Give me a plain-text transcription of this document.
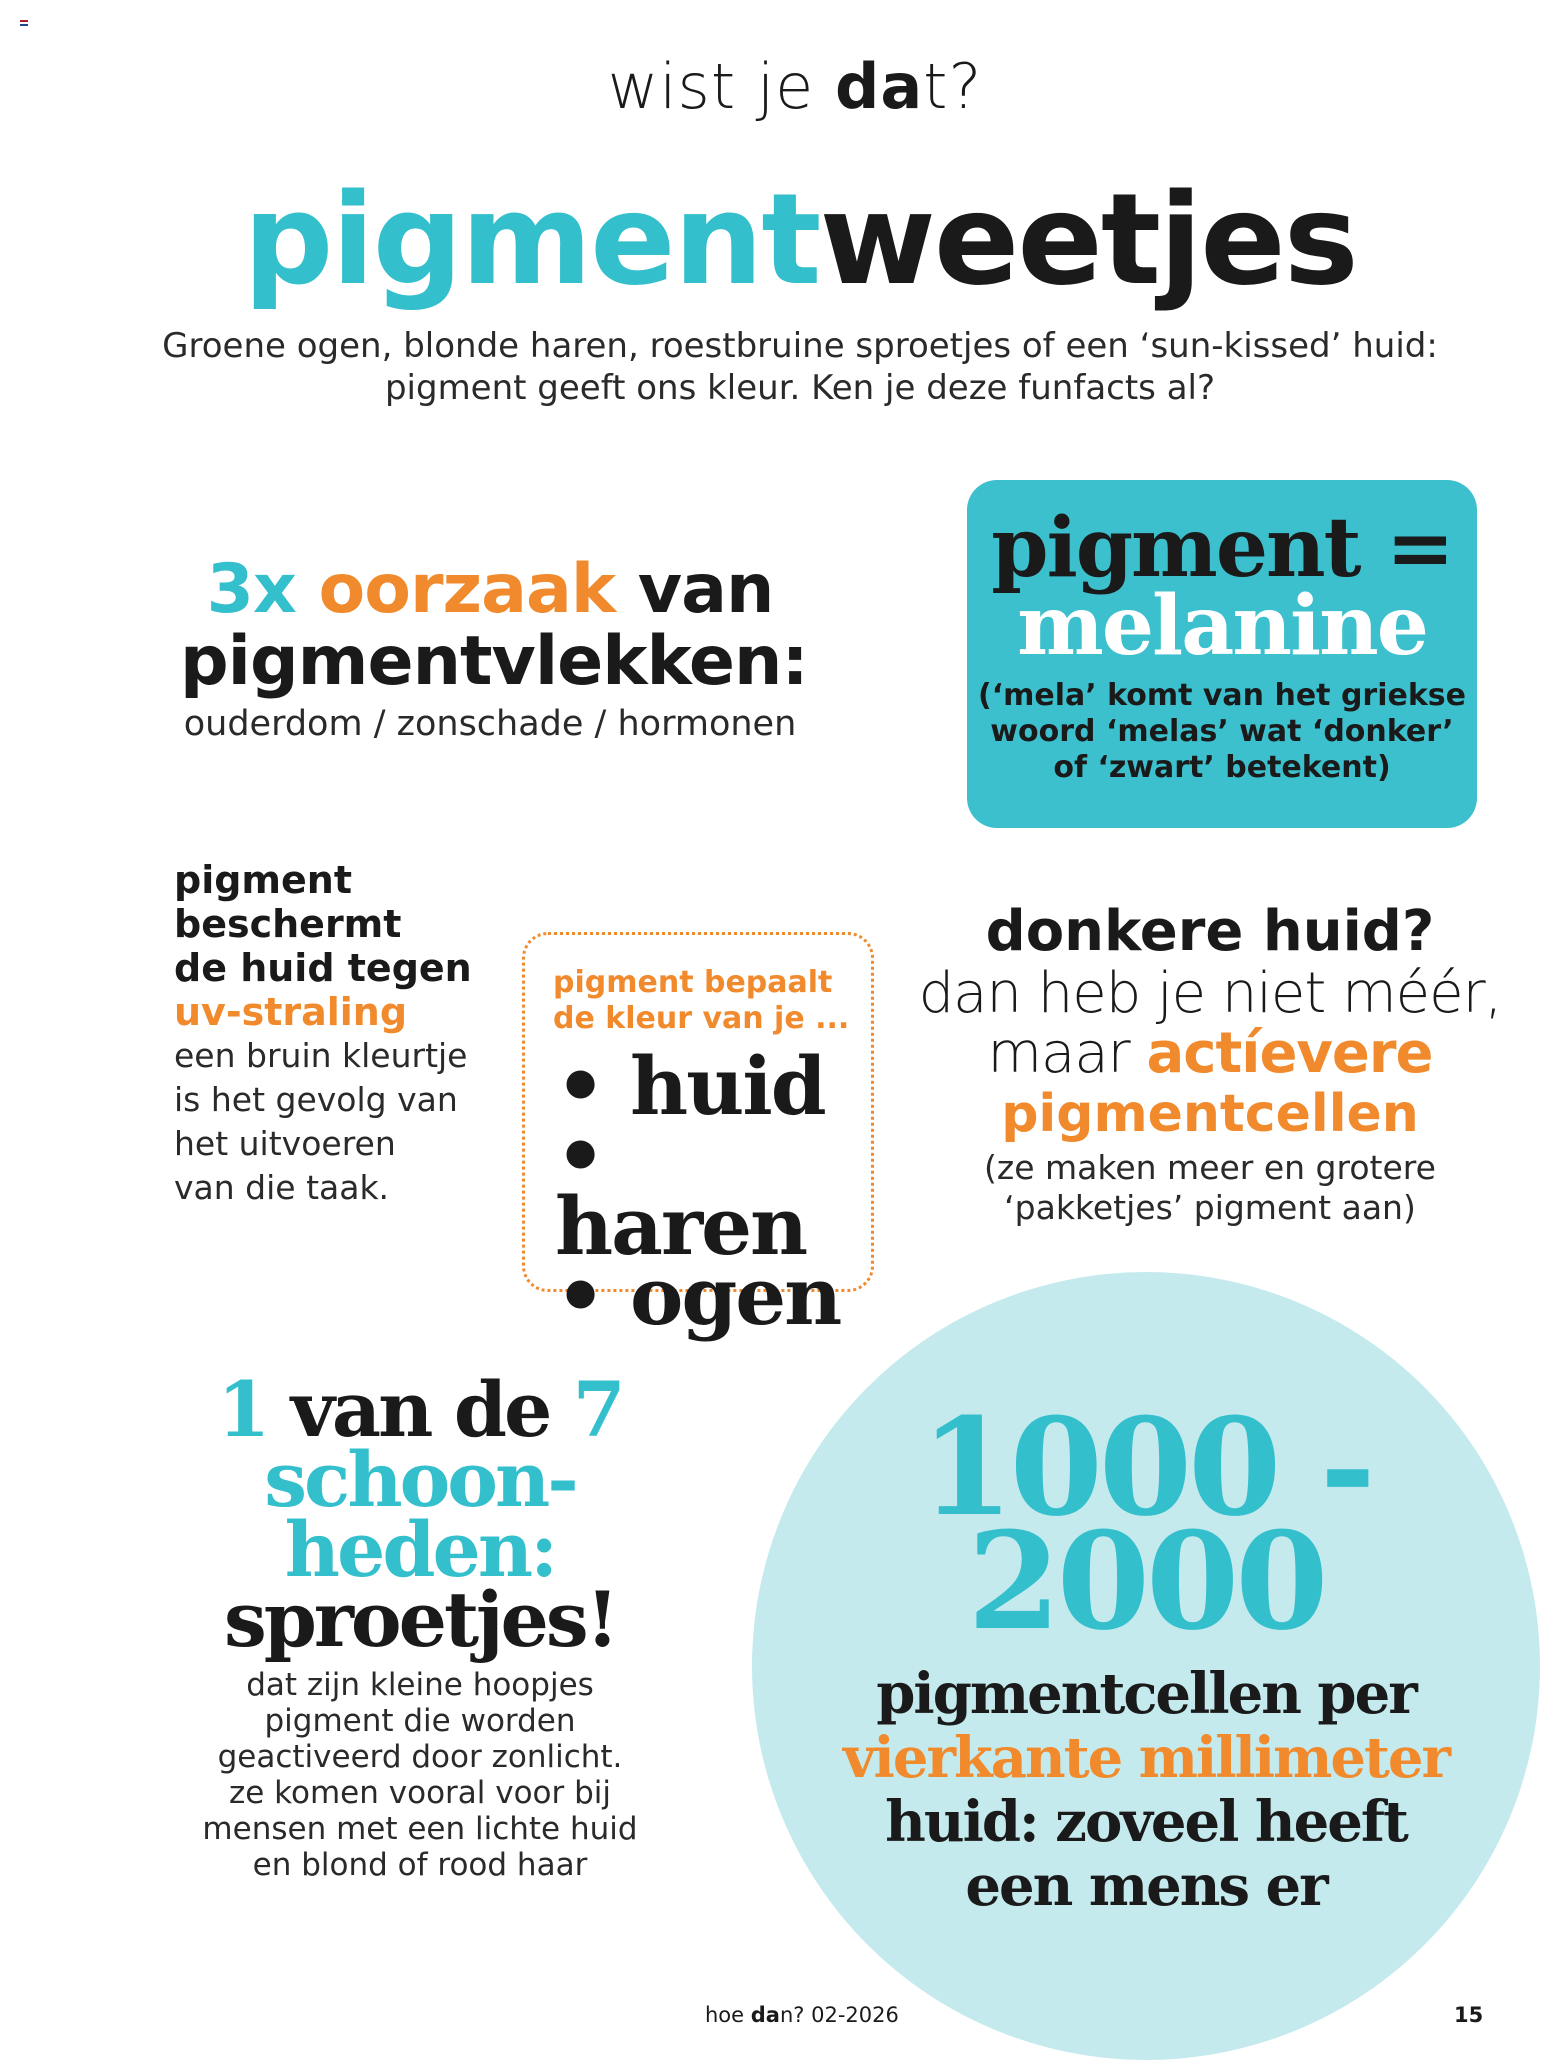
wist je dat?
pigmentweetjes
Groene ogen, blonde haren, roestbruine sproetjes of een ‘sun-kissed’ huid:
pigment geeft ons kleur. Ken je deze funfacts al?
3x oorzaak van
pigmentvlekken:
ouderdom / zonschade / hormonen
pigment =
melanine
(‘mela’ komt van het griekse
woord ‘melas’ wat ‘donker’
of ‘zwart’ betekent)
pigment
beschermt
de huid tegen
uv-straling
een bruin kleurtje
is het gevolg van
het uitvoeren
van die taak.
pigment bepaalt
de kleur van je ...
• huid
• haren
• ogen
donkere huid?
dan heb je niet méér,
maar actíevere
pigmentcellen
(ze maken meer en grotere
‘pakketjes’ pigment aan)
1 van de 7
schoon-
heden:
sproetjes!
dat zijn kleine hoopjes
pigment die worden
geactiveerd door zonlicht.
ze komen vooral voor bij
mensen met een lichte huid
en blond of rood haar
1000 -
2000
pigmentcellen per
vierkante millimeter
huid: zoveel heeft
een mens er
hoe dan? 02-2026	15
